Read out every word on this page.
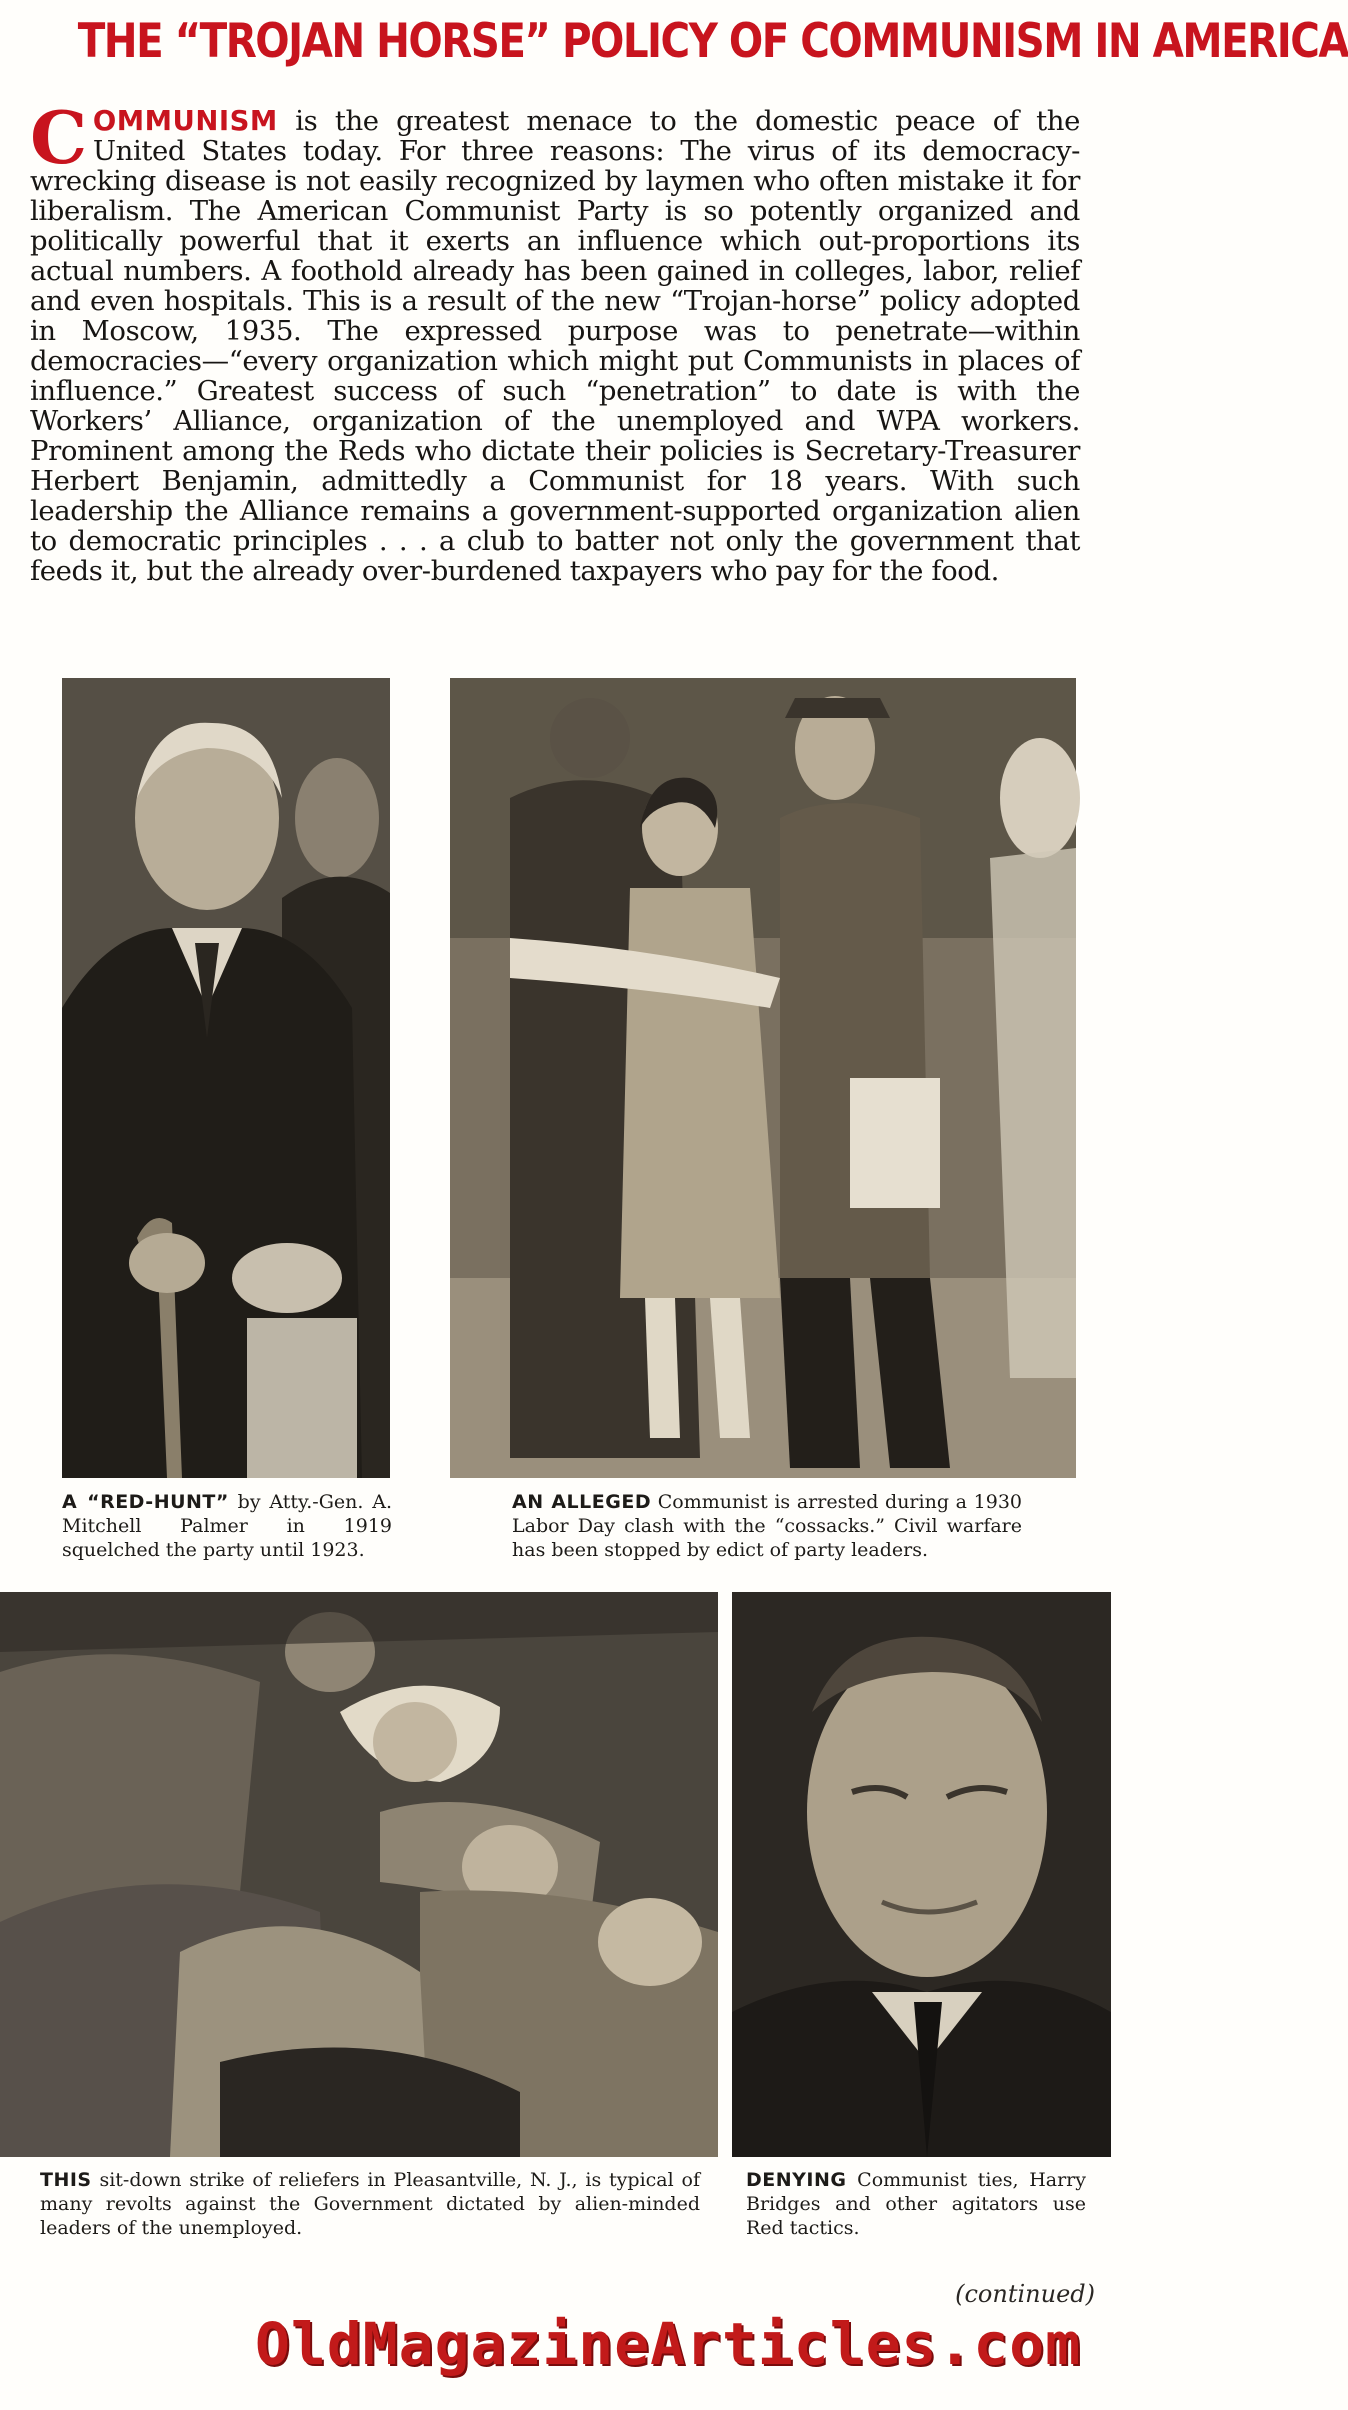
THE “TROJAN HORSE” POLICY OF COMMUNISM IN AMERICA
COMMUNISM is the greatest menace to the domestic peace of the United States today. For three reasons: The virus of its democracy-wrecking disease is not easily recognized by laymen who often mistake it for liberalism. The American Communist Party is so potently organized and politically powerful that it exerts an influence which out-proportions its actual numbers. A foothold already has been gained in colleges, labor, relief and even hospitals. This is a result of the new “Trojan-horse” policy adopted in Moscow, 1935. The expressed purpose was to penetrate—within democracies—“every organization which might put Communists in places of influence.” Greatest success of such “penetration” to date is with the Workers’ Alliance, organization of the unemployed and WPA workers. Prominent among the Reds who dictate their policies is Secretary-Treasurer Herbert Benjamin, admittedly a Communist for 18 years. With such leadership the Alliance remains a government-supported organization alien to democratic principles . . . a club to batter not only the government that feeds it, but the already over-burdened taxpayers who pay for the food.
A “RED-HUNT” by Atty.-Gen. A. Mitchell Palmer in 1919 squelched the party until 1923.
AN ALLEGED Communist is arrested during a 1930 Labor Day clash with the “cossacks.” Civil warfare has been stopped by edict of party leaders.
THIS sit-down strike of reliefers in Pleasantville, N. J., is typical of many revolts against the Government dictated by alien-minded leaders of the unemployed.
DENYING Communist ties, Harry Bridges and other agitators use Red tactics.
(continued)
OldMagazineArticles.com
